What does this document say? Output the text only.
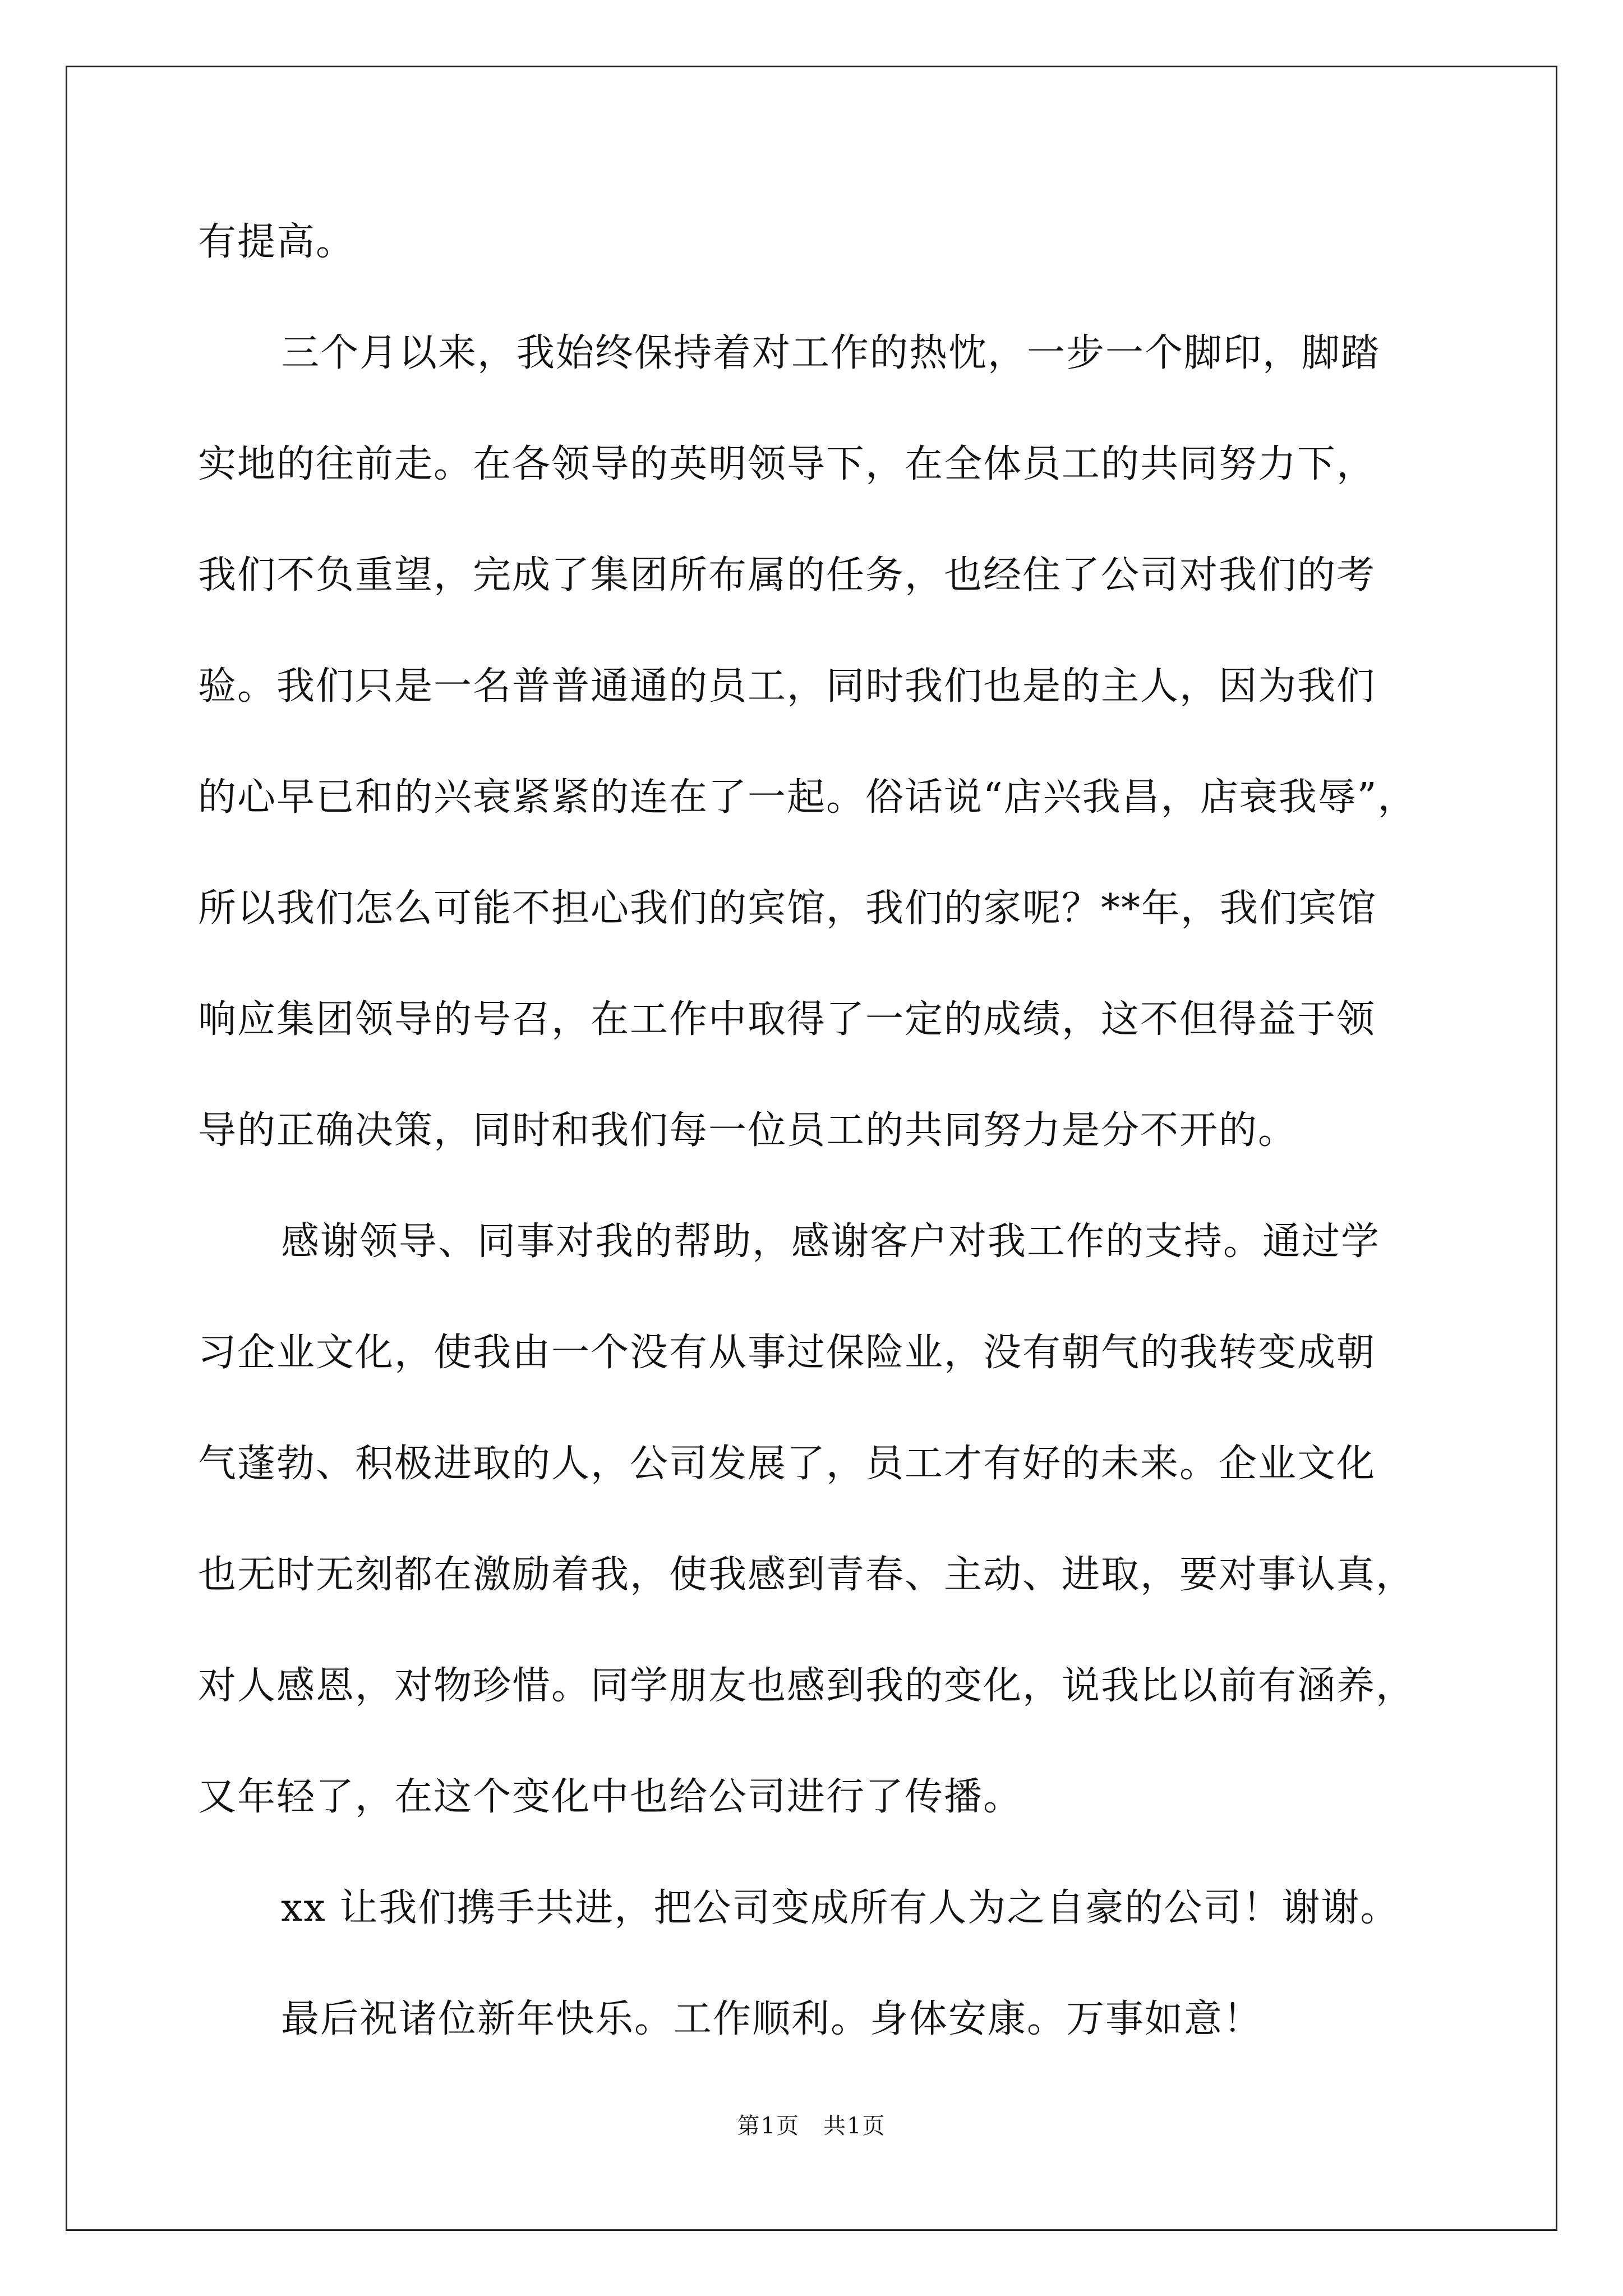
有提高。
三个月以来，我始终保持着对工作的热忱，一步一个脚印，脚踏
实地的往前走。在各领导的英明领导下，在全体员工的共同努力下，
我们不负重望，完成了集团所布属的任务，也经住了公司对我们的考
验。我们只是一名普普通通的员工，同时我们也是的主人，因为我们
的心早已和的兴衰紧紧的连在了一起。俗话说“店兴我昌，店衰我辱”，
所以我们怎么可能不担心我们的宾馆，我们的家呢？**年，我们宾馆
响应集团领导的号召，在工作中取得了一定的成绩，这不但得益于领
导的正确决策，同时和我们每一位员工的共同努力是分不开的。
感谢领导、同事对我的帮助，感谢客户对我工作的支持。通过学
习企业文化，使我由一个没有从事过保险业，没有朝气的我转变成朝
气蓬勃、积极进取的人，公司发展了，员工才有好的未来。企业文化
也无时无刻都在激励着我，使我感到青春、主动、进取，要对事认真，
对人感恩，对物珍惜。同学朋友也感到我的变化，说我比以前有涵养，
又年轻了，在这个变化中也给公司进行了传播。
xx 让我们携手共进，把公司变成所有人为之自豪的公司！谢谢。
最后祝诸位新年快乐。工作顺利。身体安康。万事如意！
第1页　共1页
